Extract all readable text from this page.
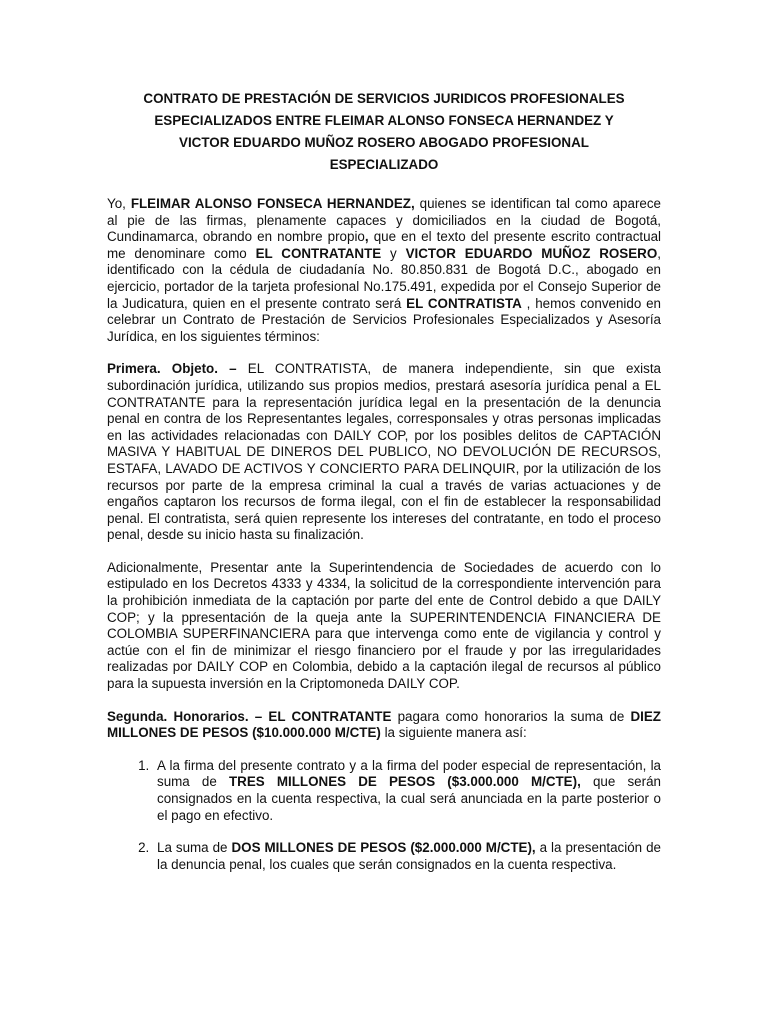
CONTRATO DE PRESTACIÓN DE SERVICIOS JURIDICOS PROFESIONALES
ESPECIALIZADOS ENTRE FLEIMAR ALONSO FONSECA HERNANDEZ Y
VICTOR EDUARDO MUÑOZ ROSERO ABOGADO PROFESIONAL
ESPECIALIZADO

Yo, FLEIMAR ALONSO FONSECA HERNANDEZ, quienes se identifican tal como aparece al pie de las firmas, plenamente capaces y domiciliados en la ciudad de Bogotá, Cundinamarca, obrando en nombre propio, que en el texto del presente escrito contractual me denominare como EL CONTRATANTE y VICTOR EDUARDO MUÑOZ ROSERO, identificado con la cédula de ciudadanía No. 80.850.831 de Bogotá D.C., abogado en ejercicio, portador de la tarjeta profesional No.175.491, expedida por el Consejo Superior de la Judicatura, quien en el presente contrato será EL CONTRATISTA , hemos convenido en celebrar un Contrato de Prestación de Servicios Profesionales Especializados y Asesoría Jurídica, en los siguientes términos:

Primera. Objeto. – EL CONTRATISTA, de manera independiente, sin que exista subordinación jurídica, utilizando sus propios medios, prestará asesoría jurídica penal a EL CONTRATANTE para la representación jurídica legal en la presentación de la denuncia penal en contra de los Representantes legales, corresponsales y otras personas implicadas en las actividades relacionadas con DAILY COP, por los posibles delitos de CAPTACIÓN MASIVA Y HABITUAL DE DINEROS DEL PUBLICO, NO DEVOLUCIÓN DE RECURSOS, ESTAFA, LAVADO DE ACTIVOS Y CONCIERTO PARA DELINQUIR, por la utilización de los recursos por parte de la empresa criminal la cual a través de varias actuaciones y de engaños captaron los recursos de forma ilegal, con el fin de establecer la responsabilidad penal. El contratista, será quien represente los intereses del contratante, en todo el proceso penal, desde su inicio hasta su finalización.

Adicionalmente, Presentar ante la Superintendencia de Sociedades de acuerdo con lo estipulado en los Decretos 4333 y 4334, la solicitud de la correspondiente intervención para la prohibición inmediata de la captación por parte del ente de Control debido a que DAILY COP; y la ppresentación de la queja ante la SUPERINTENDENCIA FINANCIERA DE COLOMBIA SUPERFINANCIERA para que intervenga como ente de vigilancia y control y actúe con el fin de minimizar el riesgo financiero por el fraude y por las irregularidades realizadas por DAILY COP en Colombia, debido a la captación ilegal de recursos al público para la supuesta inversión en la Criptomoneda DAILY COP.

Segunda. Honorarios. – EL CONTRATANTE pagara como honorarios la suma de DIEZ MILLONES DE PESOS ($10.000.000 M/CTE) la siguiente manera así:

1. A la firma del presente contrato y a la firma del poder especial de representación, la suma de TRES MILLONES DE PESOS ($3.000.000 M/CTE), que serán consignados en la cuenta respectiva, la cual será anunciada en la parte posterior o el pago en efectivo.
2. La suma de DOS MILLONES DE PESOS ($2.000.000 M/CTE), a la presentación de la denuncia penal, los cuales que serán consignados en la cuenta respectiva.
